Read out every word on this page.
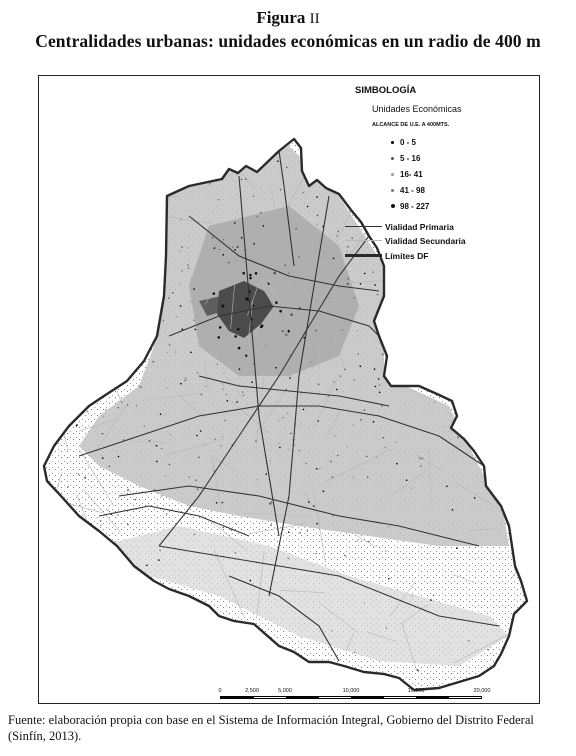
Figura II
Centralidades urbanas: unidades económicas en un radio de 400 m
SIMBOLOGÍA
Unidades Económicas
ALCANCE DE U.E. A 400MTS.
0 - 5
5 - 16
16- 41
41 - 98
98 - 227
Vialidad Primaria
Vialidad Secundaria
Límites DF
0	2,500	5,000	10,000	15,000	20,000
Fuente: elaboración propia con base en el Sistema de Información Integral, Gobierno del Distrito Federal (Sinfín, 2013).
